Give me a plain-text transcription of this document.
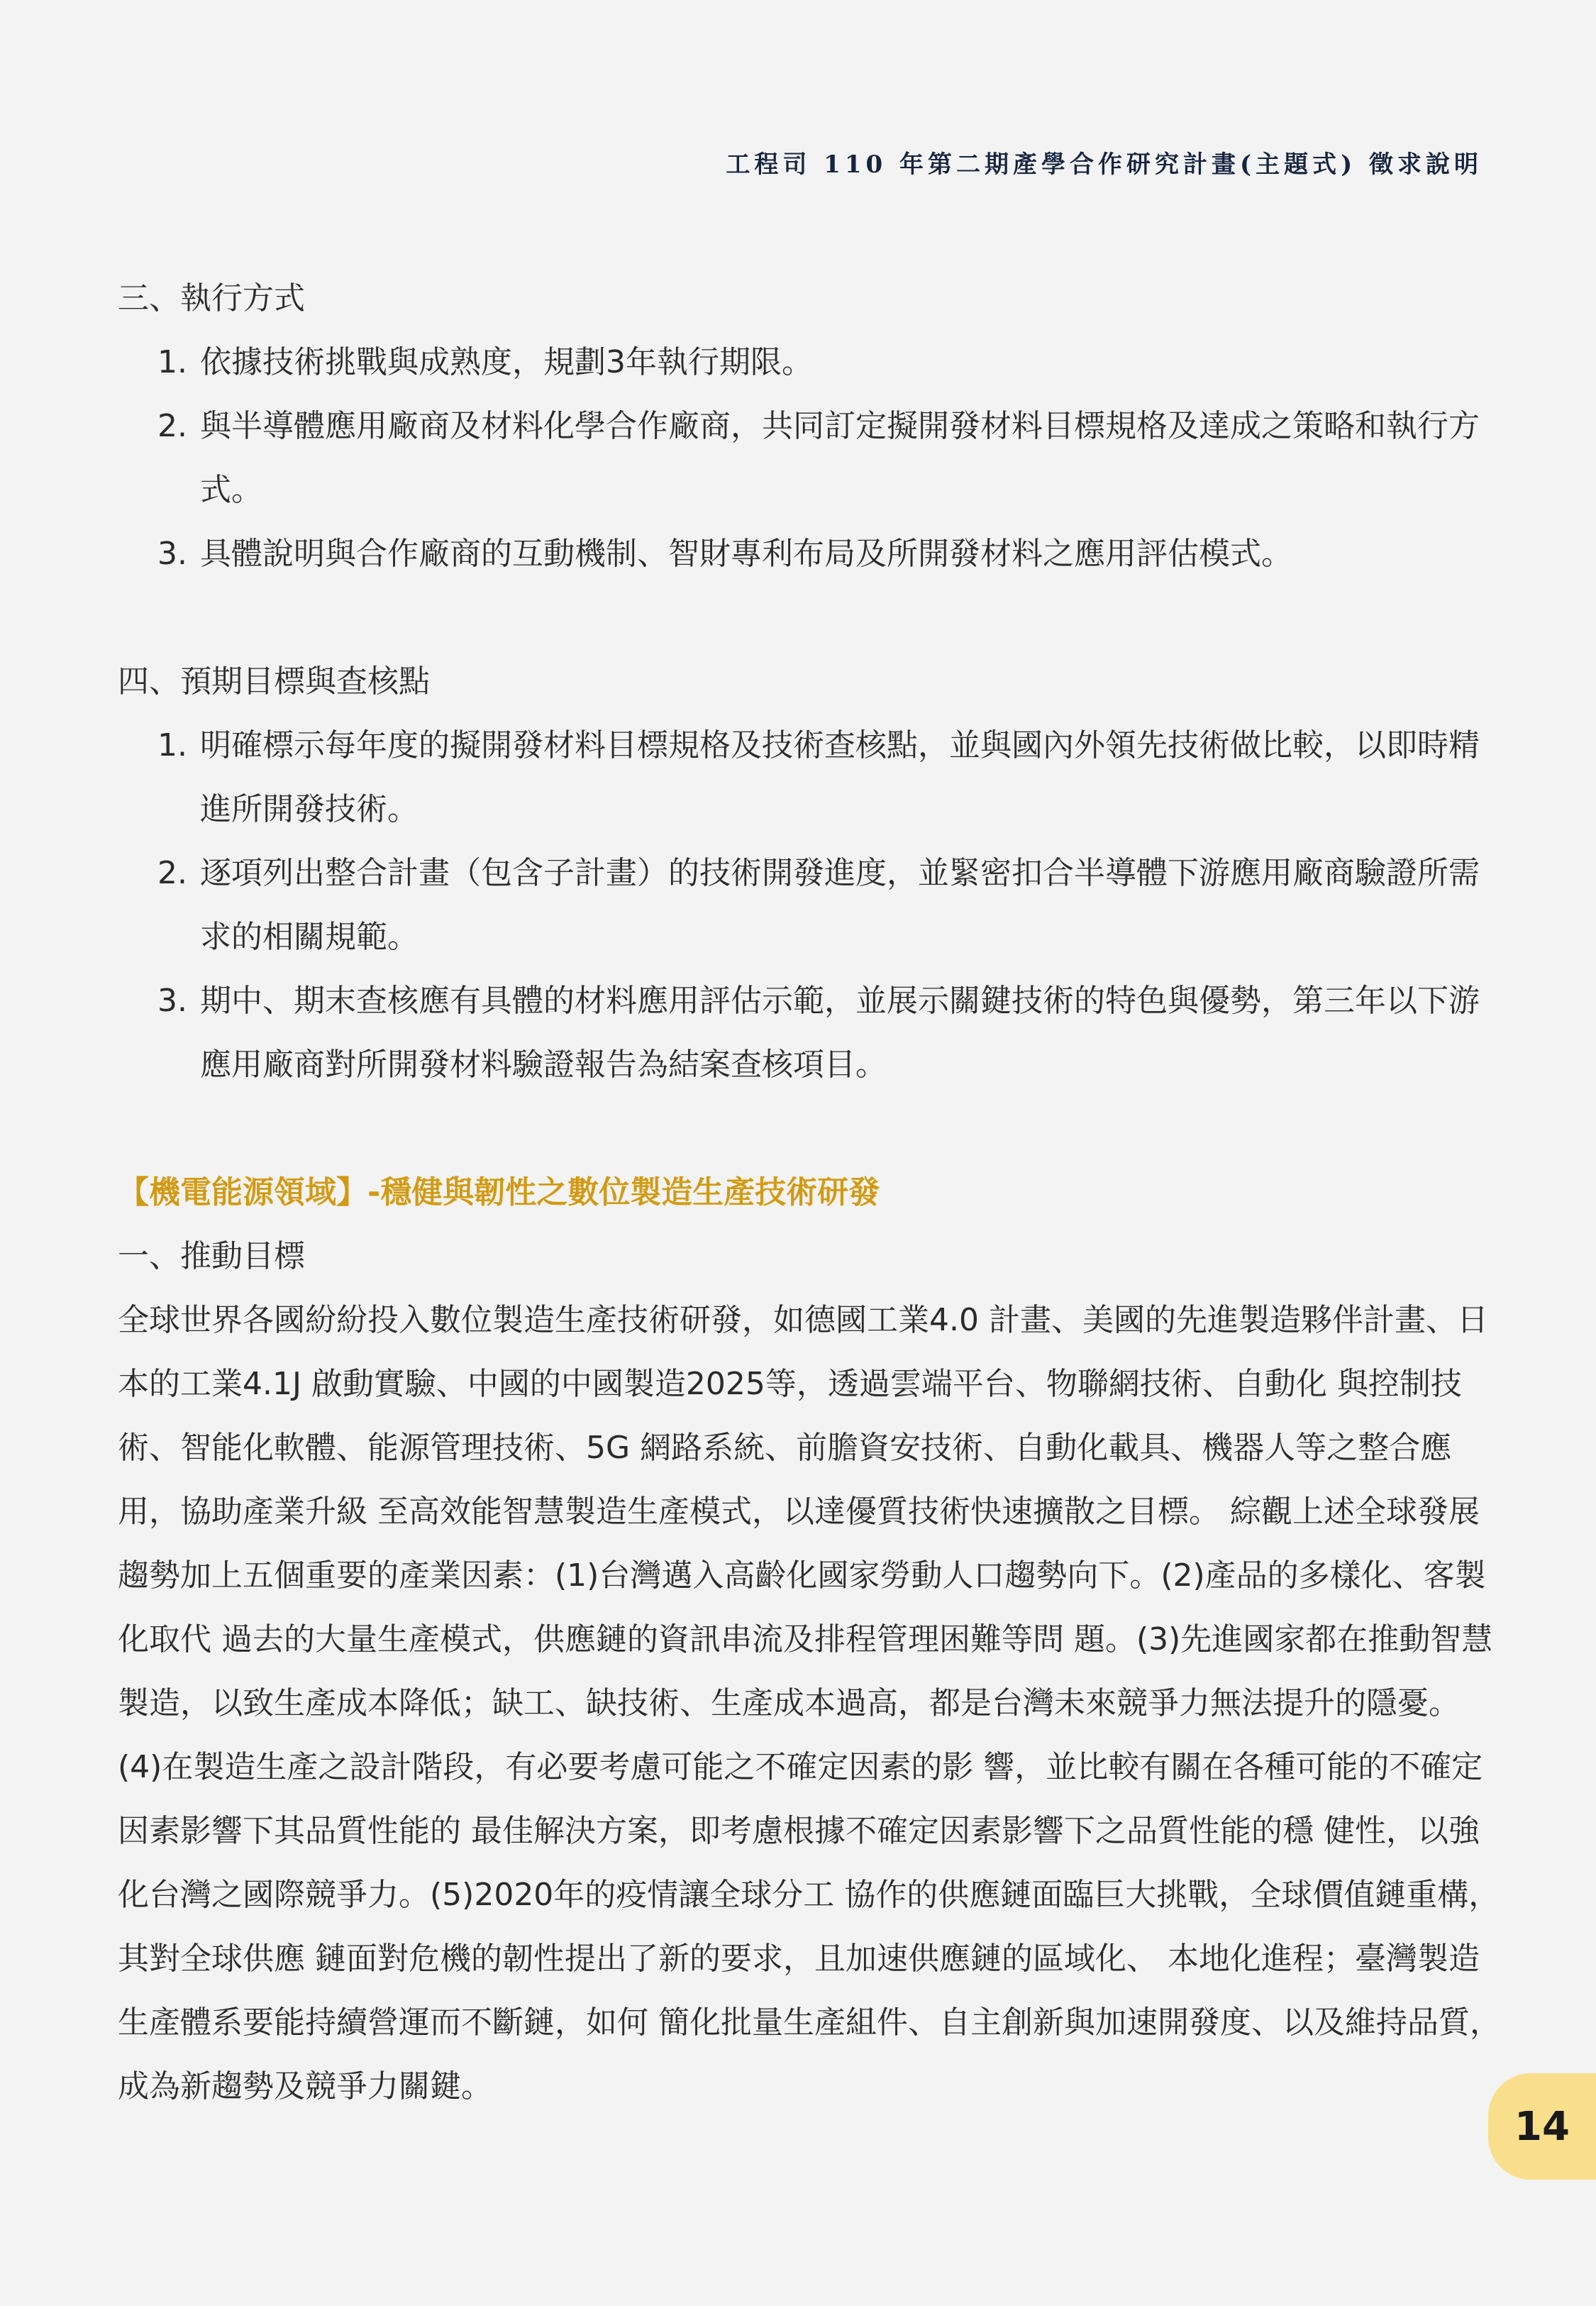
工程司 110 年第二期產學合作研究計畫(主題式) 徵求說明

三、執行方式

1. 依據技術挑戰與成熟度，規劃3年執行期限。
2. 與半導體應用廠商及材料化學合作廠商，共同訂定擬開發材料目標規格及達成之策略和執行方式。
3. 具體說明與合作廠商的互動機制、智財專利布局及所開發材料之應用評估模式。

四、預期目標與查核點

1. 明確標示每年度的擬開發材料目標規格及技術查核點，並與國內外領先技術做比較，以即時精進所開發技術。
2. 逐項列出整合計畫（包含子計畫）的技術開發進度，並緊密扣合半導體下游應用廠商驗證所需求的相關規範。
3. 期中、期末查核應有具體的材料應用評估示範，並展示關鍵技術的特色與優勢，第三年以下游應用廠商對所開發材料驗證報告為結案查核項目。

【機電能源領域】-穩健與韌性之數位製造生產技術研發

一、推動目標

全球世界各國紛紛投入數位製造生產技術研發，如德國工業4.0 計畫、美國的先進製造夥伴計畫、日本的工業4.1J 啟動實驗、中國的中國製造2025等，透過雲端平台、物聯網技術、自動化 與控制技術、智能化軟體、能源管理技術、5G 網路系統、前膽資安技術、自動化載具、機器人等之整合應用，協助產業升級 至高效能智慧製造生產模式，以達優質技術快速擴散之目標。 綜觀上述全球發展趨勢加上五個重要的產業因素：(1)台灣邁入高齡化國家勞動人口趨勢向下。(2)產品的多樣化、客製化取代 過去的大量生產模式，供應鏈的資訊串流及排程管理困難等問 題。(3)先進國家都在推動智慧製造，以致生產成本降低；缺工、缺技術、生產成本過高，都是台灣未來競爭力無法提升的隱憂。(4)在製造生產之設計階段，有必要考慮可能之不確定因素的影 響，並比較有關在各種可能的不確定因素影響下其品質性能的 最佳解決方案，即考慮根據不確定因素影響下之品質性能的穩 健性，以強化台灣之國際競爭力。(5)2020年的疫情讓全球分工 協作的供應鏈面臨巨大挑戰，全球價值鏈重構，其對全球供應 鏈面對危機的韌性提出了新的要求，且加速供應鏈的區域化、 本地化進程；臺灣製造生產體系要能持續營運而不斷鏈，如何 簡化批量生產組件、自主創新與加速開發度、以及維持品質， 成為新趨勢及競爭力關鍵。

14
